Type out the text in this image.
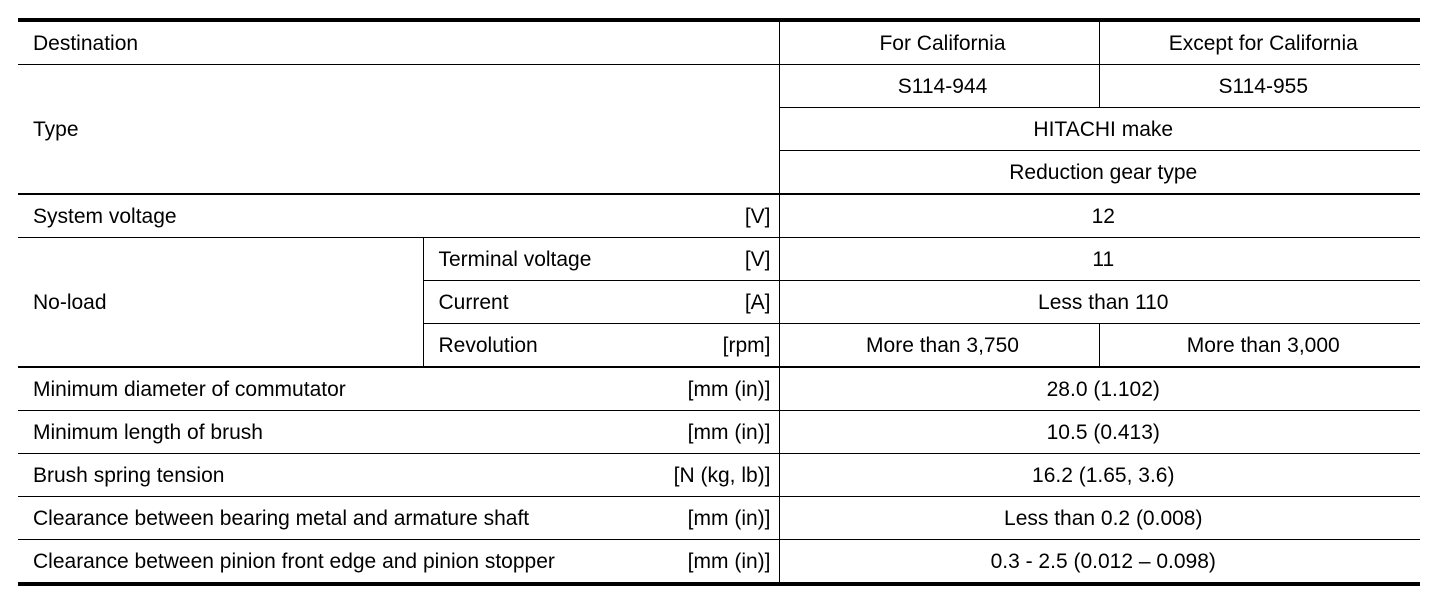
Destination		For California	Except for California
Type		S114-944	S114-955
		HITACHI make	
		Reduction gear type	

System voltage [V]		12	
No-load	Terminal voltage [V]	11	

	Current [A]	Less than 110	

	Revolution [rpm]	More than 3,750	More than 3,000

Minimum diameter of commutator [mm (in)]		28.0 (1.102)	

Minimum length of brush [mm (in)]		10.5 (0.413)	

Brush spring tension [N (kg, lb)]		16.2 (1.65, 3.6)	

Clearance between bearing metal and armature shaft [mm (in)]		Less than 0.2 (0.008)	

Clearance between pinion front edge and pinion stopper [mm (in)]		0.3 - 2.5 (0.012 – 0.098)	
